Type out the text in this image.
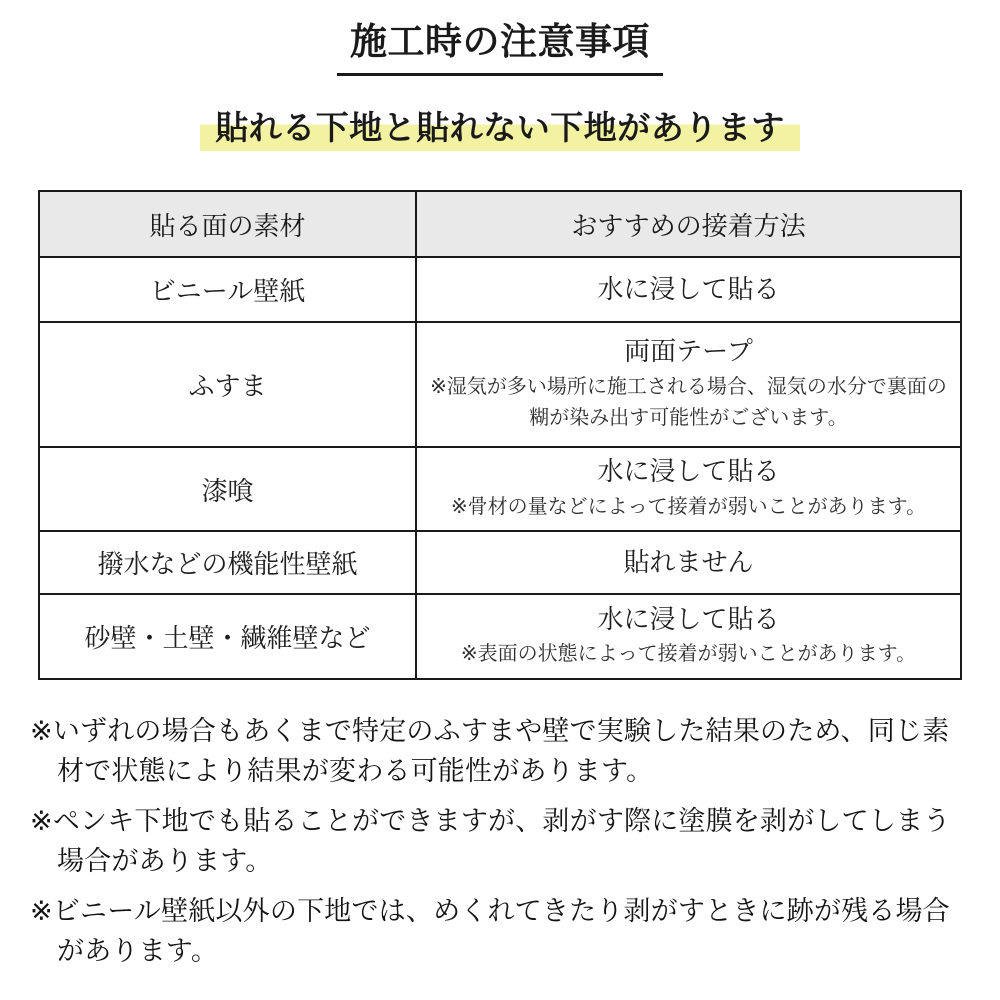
施工時の注意事項
貼れる下地と貼れない下地があります
貼る面の素材	おすすめの接着方法
ビニール壁紙	水に浸して貼る

ふすま	両面テープ
※湿気が多い場所に施工される場合、湿気の水分で裏面の糊が染み出す可能性がございます。

漆喰	水に浸して貼る
※骨材の量などによって接着が弱いことがあります。

撥水などの機能性壁紙	貼れません

砂壁・土壁・繊維壁など	水に浸して貼る
※表面の状態によって接着が弱いことがあります。
※いずれの場合もあくまで特定のふすまや壁で実験した結果のため、同じ素材で状態により結果が変わる可能性があります。
※ペンキ下地でも貼ることができますが、剥がす際に塗膜を剥がしてしまう場合があります。
※ビニール壁紙以外の下地では、めくれてきたり剥がすときに跡が残る場合があります。
